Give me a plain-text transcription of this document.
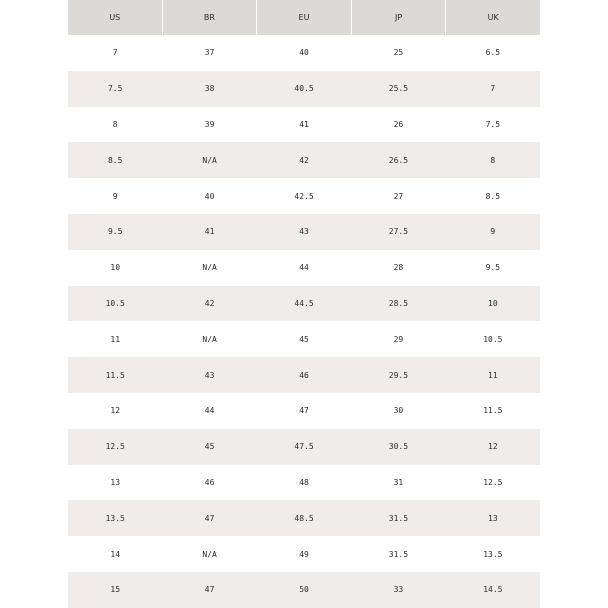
US	BR	EU	JP	UK
7	37	40	25	6.5
7.5	38	40.5	25.5	7
8	39	41	26	7.5
8.5	N/A	42	26.5	8
9	40	42.5	27	8.5
9.5	41	43	27.5	9
10	N/A	44	28	9.5
10.5	42	44.5	28.5	10
11	N/A	45	29	10.5
11.5	43	46	29.5	11
12	44	47	30	11.5
12.5	45	47.5	30.5	12
13	46	48	31	12.5
13.5	47	48.5	31.5	13
14	N/A	49	31.5	13.5
15	47	50	33	14.5
